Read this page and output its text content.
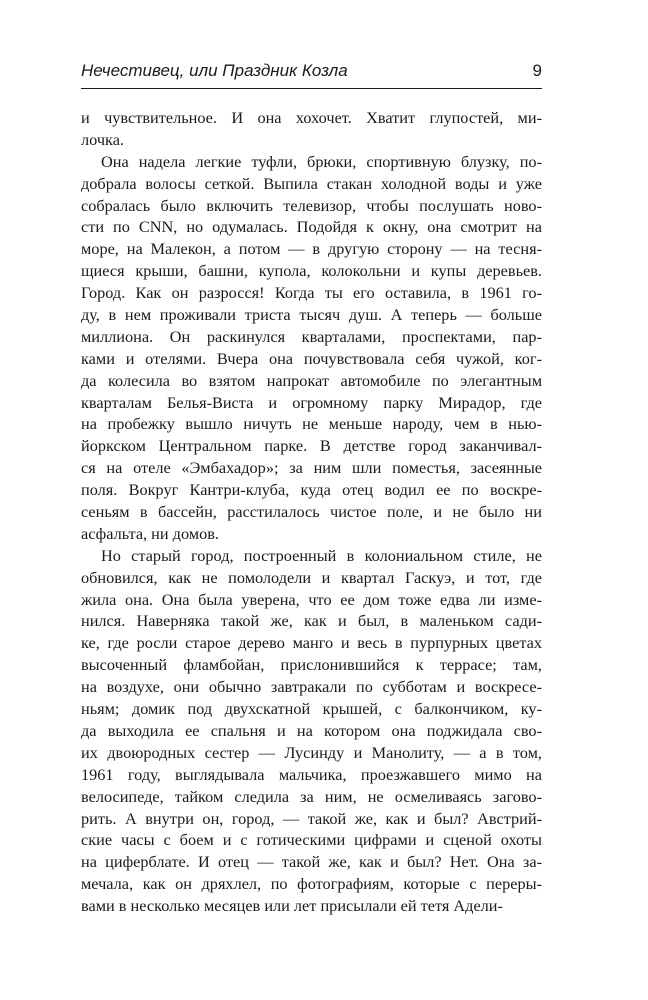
Нечестивец, или Праздник Козла	9
и чувствительное. И она хохочет. Хватит глупостей, ми-
лочка.
Она надела легкие туфли, брюки, спортивную блузку, по-
добрала волосы сеткой. Выпила стакан холодной воды и уже
собралась было включить телевизор, чтобы послушать ново-
сти по CNN, но одумалась. Подойдя к окну, она смотрит на
море, на Малекон, а потом — в другую сторону — на тесня-
щиеся крыши, башни, купола, колокольни и купы деревьев.
Город. Как он разросся! Когда ты его оставила, в 1961 го-
ду, в нем проживали триста тысяч душ. А теперь — больше
миллиона. Он раскинулся кварталами, проспектами, пар-
ками и отелями. Вчера она почувствовала себя чужой, ког-
да колесила во взятом напрокат автомобиле по элегантным
кварталам Белья-Виста и огромному парку Мирадор, где
на пробежку вышло ничуть не меньше народу, чем в нью-
йоркском Центральном парке. В детстве город заканчивал-
ся на отеле «Эмбахадор»; за ним шли поместья, засеянные
поля. Вокруг Кантри-клуба, куда отец водил ее по воскре-
сеньям в бассейн, расстилалось чистое поле, и не было ни
асфальта, ни домов.
Но старый город, построенный в колониальном стиле, не
обновился, как не помолодели и квартал Гаскуэ, и тот, где
жила она. Она была уверена, что ее дом тоже едва ли изме-
нился. Наверняка такой же, как и был, в маленьком сади-
ке, где росли старое дерево манго и весь в пурпурных цветах
высоченный фламбойан, прислонившийся к террасе; там,
на воздухе, они обычно завтракали по субботам и воскресе-
ньям; домик под двухскатной крышей, с балкончиком, ку-
да выходила ее спальня и на котором она поджидала сво-
их двоюродных сестер — Лусинду и Манолиту, — а в том,
1961 году, выглядывала мальчика, проезжавшего мимо на
велосипеде, тайком следила за ним, не осмеливаясь загово-
рить. А внутри он, город, — такой же, как и был? Австрий-
ские часы с боем и с готическими цифрами и сценой охоты
на циферблате. И отец — такой же, как и был? Нет. Она за-
мечала, как он дряхлел, по фотографиям, которые с переры-
вами в несколько месяцев или лет присылали ей тетя Адели-
